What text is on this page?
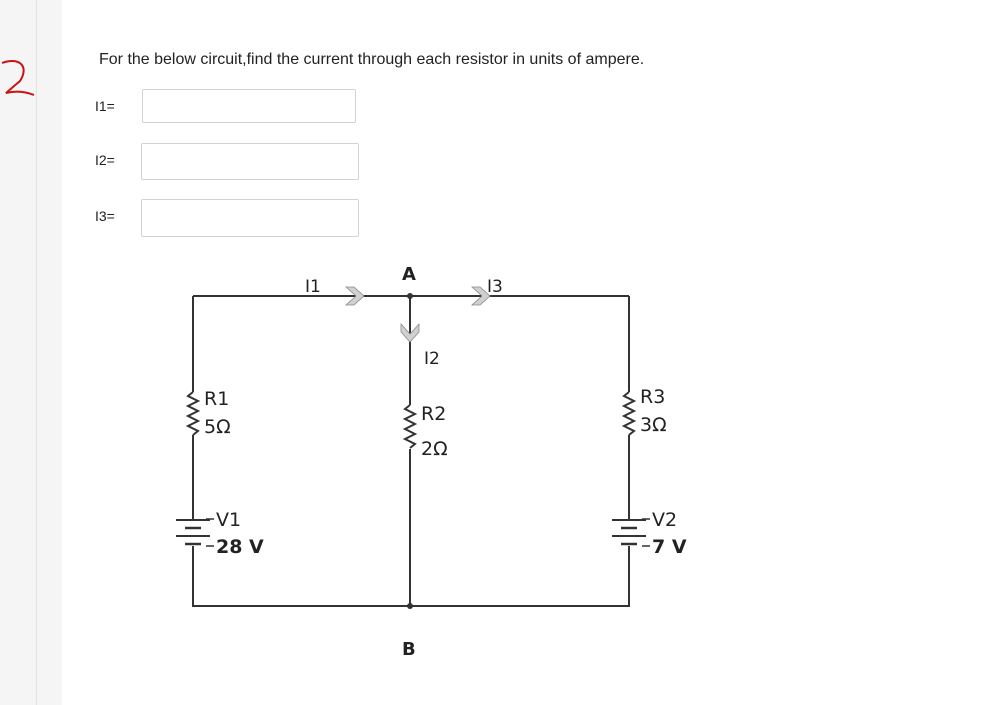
For the below circuit,find the current through each resistor in units of ampere.
I1=
I2=
I3=
I1	I3
I2
A
B
R1
5Ω
R2
2Ω
R3
3Ω
V1
28 V
V2
7 V
